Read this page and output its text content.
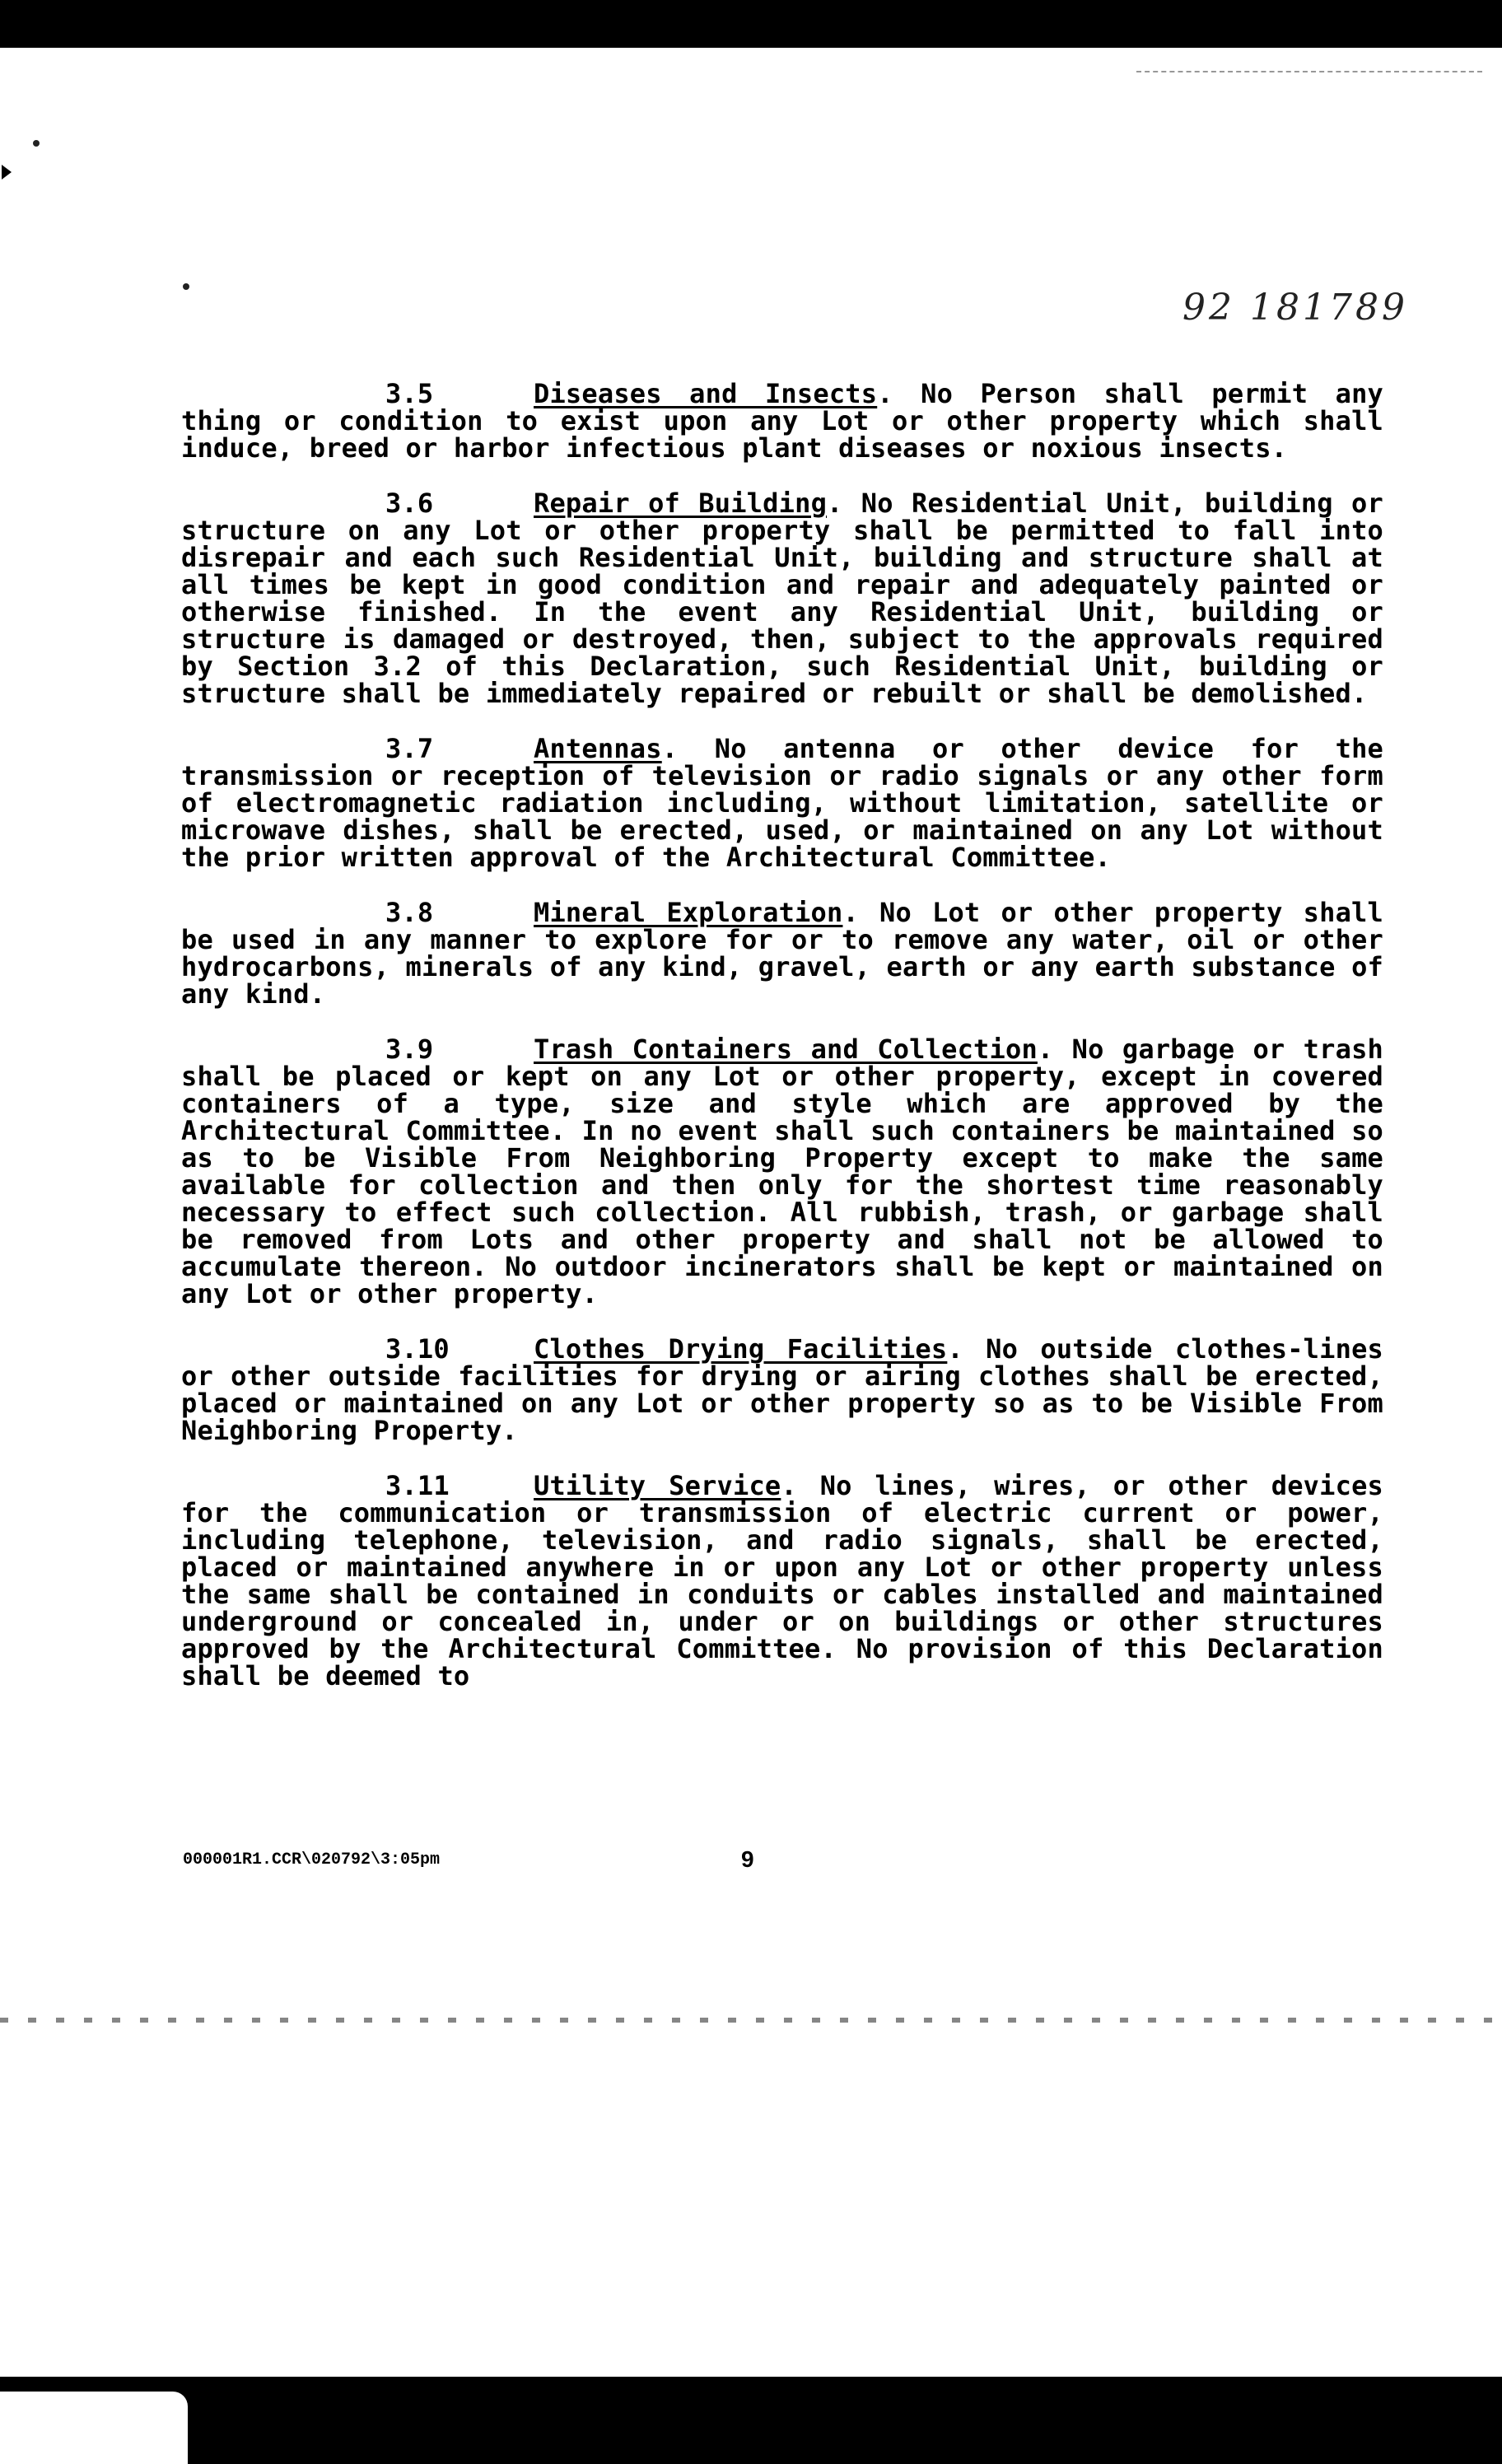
92 181789

3.5	Diseases and Insects. No Person shall permit any thing or condition to exist upon any Lot or other property which shall induce, breed or harbor infectious plant diseases or noxious insects.

3.6	Repair of Building. No Residential Unit, building or structure on any Lot or other property shall be permitted to fall into disrepair and each such Residential Unit, building and structure shall at all times be kept in good condition and repair and adequately painted or otherwise finished. In the event any Residential Unit, building or structure is damaged or destroyed, then, subject to the approvals required by Section 3.2 of this Declaration, such Residential Unit, building or structure shall be immediately repaired or rebuilt or shall be demolished.

3.7	Antennas. No antenna or other device for the transmission or reception of television or radio signals or any other form of electromagnetic radiation including, without limitation, satellite or microwave dishes, shall be erected, used, or maintained on any Lot without the prior written approval of the Architectural Committee.

3.8	Mineral Exploration. No Lot or other property shall be used in any manner to explore for or to remove any water, oil or other hydrocarbons, minerals of any kind, gravel, earth or any earth substance of any kind.

3.9	Trash Containers and Collection. No garbage or trash shall be placed or kept on any Lot or other property, except in covered containers of a type, size and style which are approved by the Architectural Committee. In no event shall such containers be maintained so as to be Visible From Neighboring Property except to make the same available for collection and then only for the shortest time reasonably necessary to effect such collection. All rubbish, trash, or garbage shall be removed from Lots and other property and shall not be allowed to accumulate thereon. No outdoor incinerators shall be kept or maintained on any Lot or other property.

3.10	Clothes Drying Facilities. No outside clothes-lines or other outside facilities for drying or airing clothes shall be erected, placed or maintained on any Lot or other property so as to be Visible From Neighboring Property.

3.11	Utility Service. No lines, wires, or other devices for the communication or transmission of electric current or power, including telephone, television, and radio signals, shall be erected, placed or maintained anywhere in or upon any Lot or other property unless the same shall be contained in conduits or cables installed and maintained underground or concealed in, under or on buildings or other structures approved by the Architectural Committee. No provision of this Declaration shall be deemed to

000001R1.CCR\020792\3:05pm	9
